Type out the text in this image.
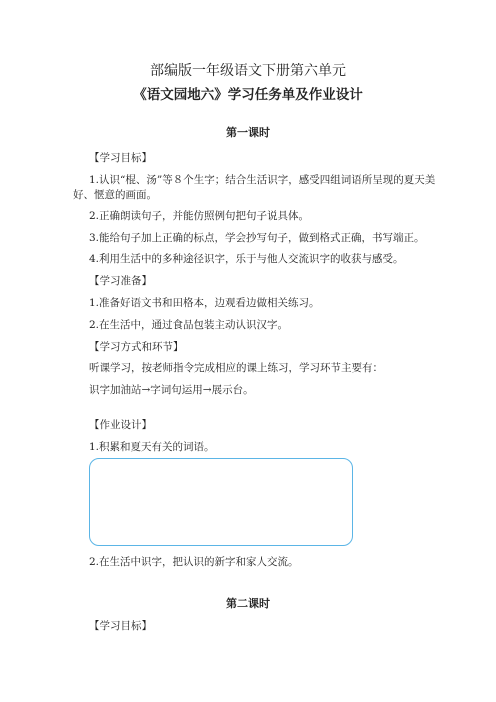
部编版一年级语文下册第六单元
《语文园地六》学习任务单及作业设计
第一课时
【学习目标】
1.认识“棍、汤”等８个生字；结合生活识字，感受四组词语所呈现的夏天美
好、惬意的画面。
2.正确朗读句子，并能仿照例句把句子说具体。
3.能给句子加上正确的标点，学会抄写句子，做到格式正确，书写端正。
4.利用生活中的多种途径识字，乐于与他人交流识字的收获与感受。
【学习准备】
1.准备好语文书和田格本，边观看边做相关练习。
2.在生活中，通过食品包装主动认识汉字。
【学习方式和环节】
听课学习，按老师指令完成相应的课上练习，学习环节主要有：
识字加油站→字词句运用→展示台。
【作业设计】
1.积累和夏天有关的词语。
2.在生活中识字，把认识的新字和家人交流。
第二课时
【学习目标】
